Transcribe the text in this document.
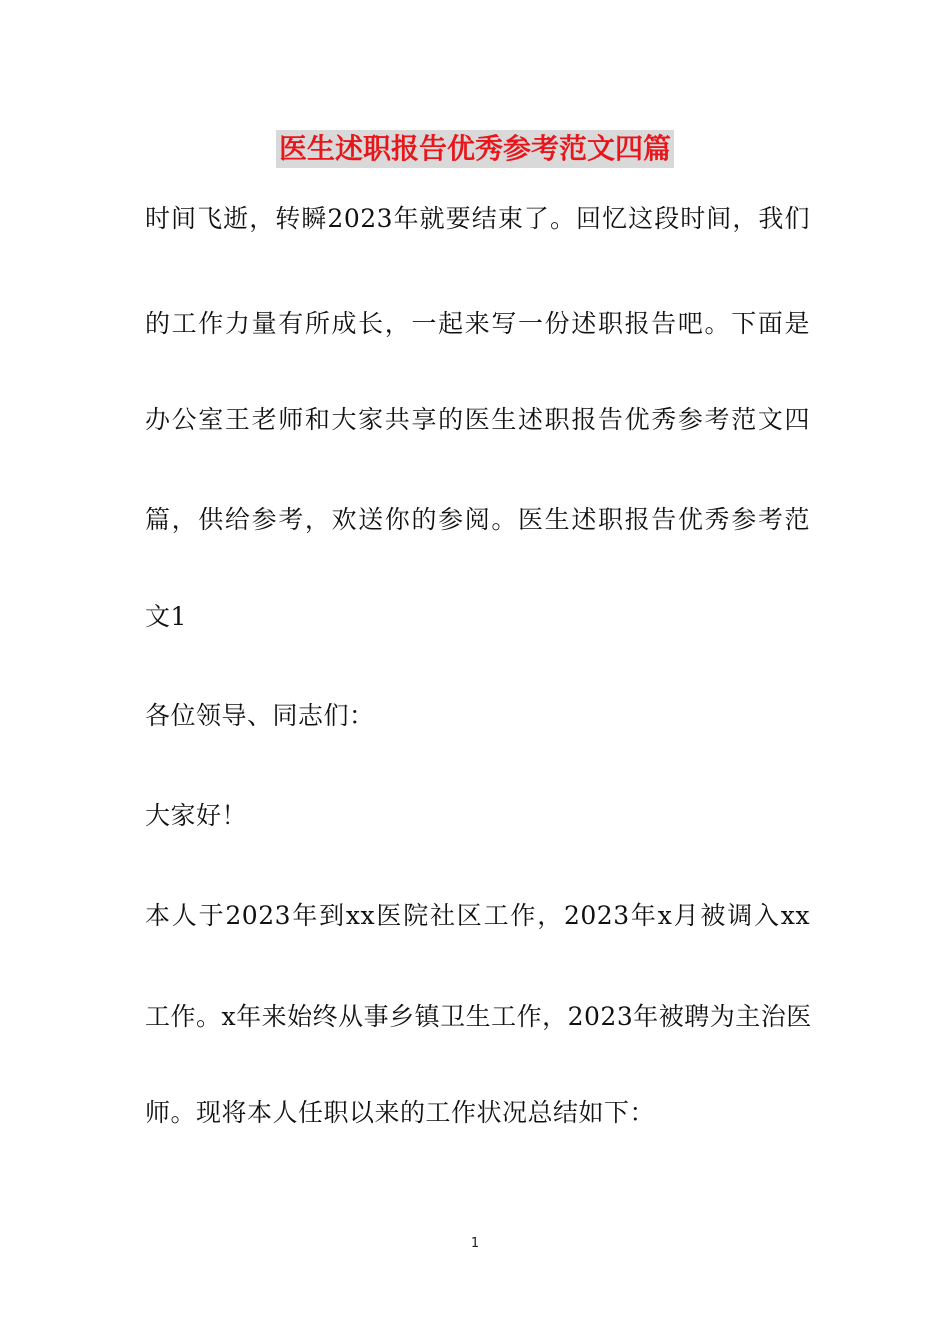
医生述职报告优秀参考范文四篇
时间飞逝，转瞬2023年就要结束了。回忆这段时间，我们
的工作力量有所成长，一起来写一份述职报告吧。下面是
办公室王老师和大家共享的医生述职报告优秀参考范文四
篇，供给参考，欢送你的参阅。医生述职报告优秀参考范
文1
各位领导、同志们：
大家好！
本人于2023年到xx医院社区工作，2023年x月被调入xx
工作。x年来始终从事乡镇卫生工作，2023年被聘为主治医
师。现将本人任职以来的工作状况总结如下：
1
